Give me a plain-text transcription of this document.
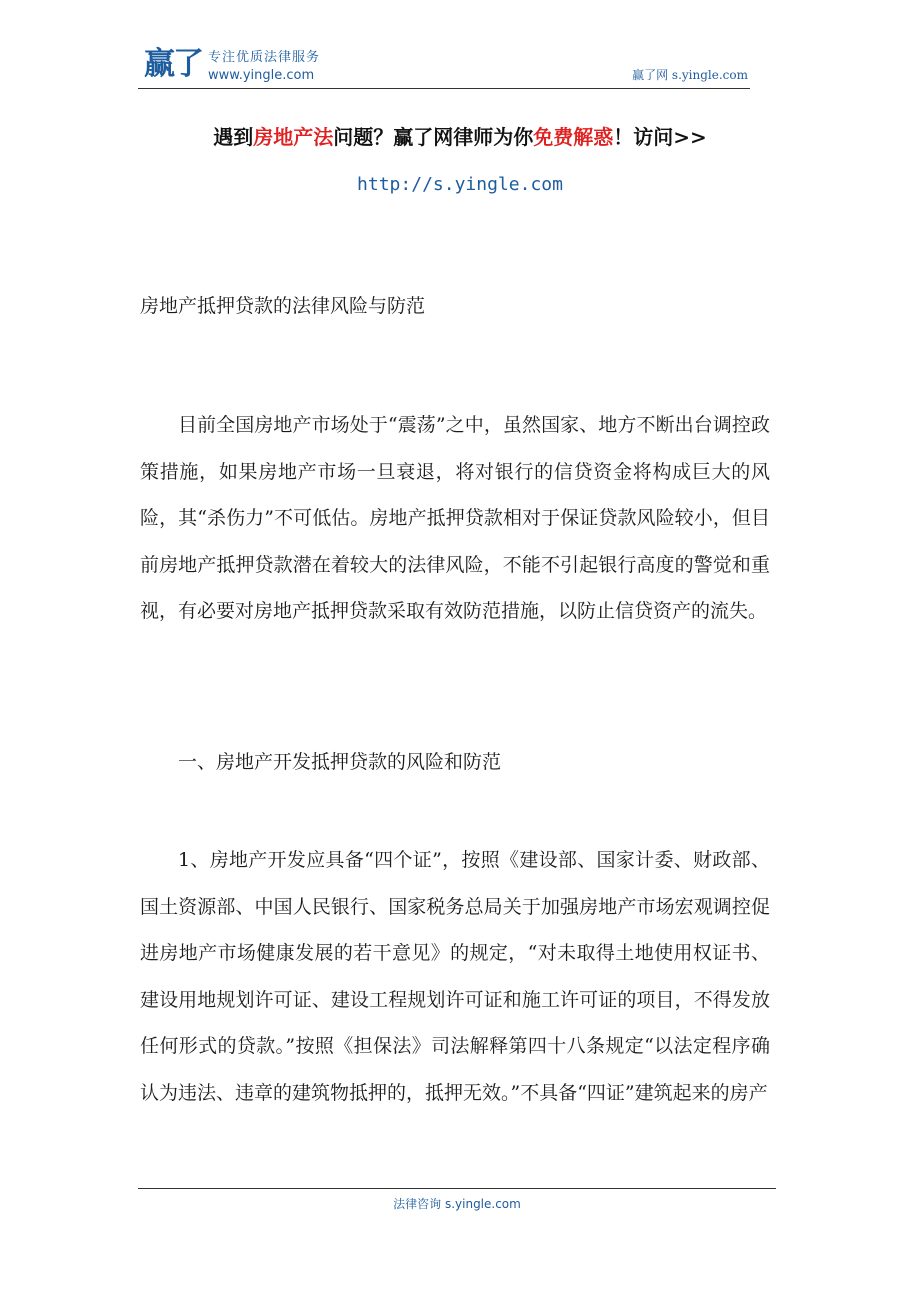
赢了 专注优质法律服务
www.yingle.com	赢了网 s.yingle.com
遇到房地产法问题？赢了网律师为你免费解惑！访问>>
http://s.yingle.com
房地产抵押贷款的法律风险与防范

目前全国房地产市场处于“震荡”之中，虽然国家、地方不断出台调控政策措施，如果房地产市场一旦衰退，将对银行的信贷资金将构成巨大的风险，其“杀伤力”不可低估。房地产抵押贷款相对于保证贷款风险较小，但目前房地产抵押贷款潜在着较大的法律风险，不能不引起银行高度的警觉和重视，有必要对房地产抵押贷款采取有效防范措施，以防止信贷资产的流失。

一、房地产开发抵押贷款的风险和防范

1、房地产开发应具备“四个证”，按照《建设部、国家计委、财政部、国土资源部、中国人民银行、国家税务总局关于加强房地产市场宏观调控促进房地产市场健康发展的若干意见》的规定，“对未取得土地使用权证书、建设用地规划许可证、建设工程规划许可证和施工许可证的项目，不得发放任何形式的贷款。”按照《担保法》司法解释第四十八条规定“以法定程序确认为违法、违章的建筑物抵押的，抵押无效。”不具备“四证”建筑起来的房产

法律咨询 s.yingle.com
